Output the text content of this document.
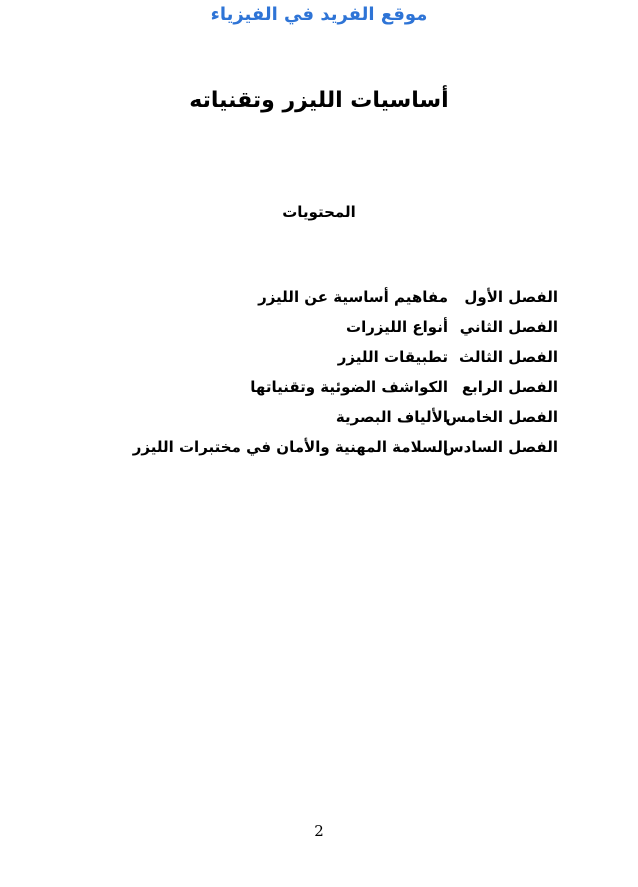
موقع الفريد في الفيزياء
أساسيات الليزر وتقنياته
المحتويات
الفصل الأولمفاهيم أساسية عن الليزر
الفصل الثانيأنواع الليزرات
الفصل الثالثتطبيقات الليزر
الفصل الرابعالكواشف الضوئية وتقنياتها
الفصل الخامسالألياف البصرية
الفصل السادسالسلامة المهنية والأمان في مختبرات الليزر
2
